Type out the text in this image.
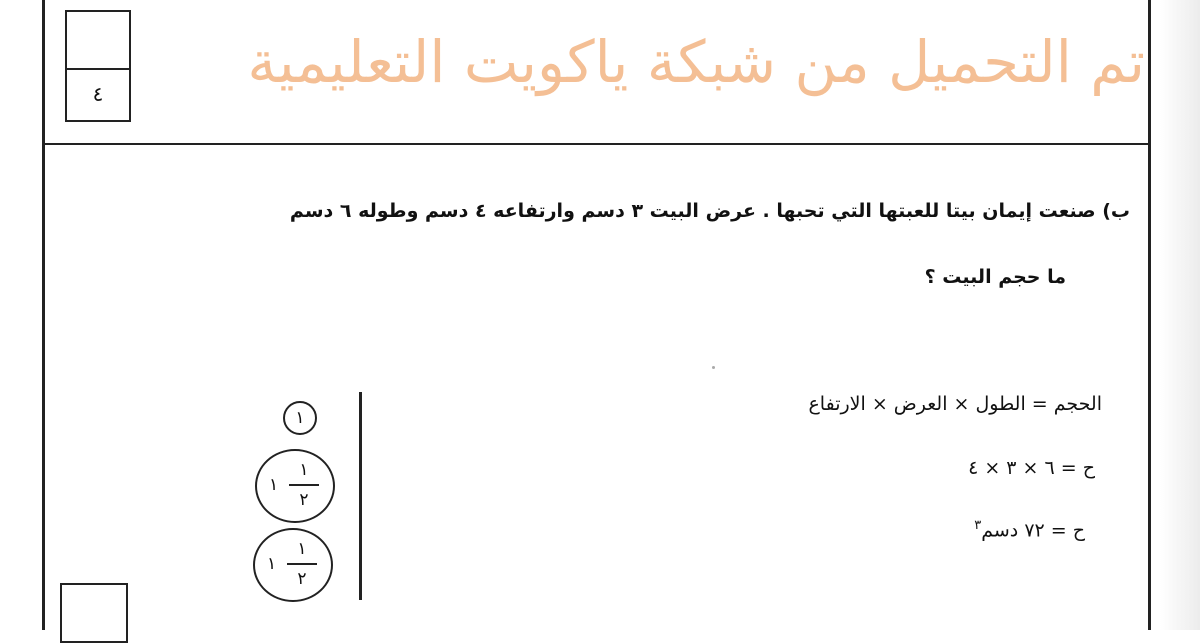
٤	تم التحميل من شبكة ياكويت التعليمية
ب) صنعت إيمان بيتا للعبتها التي تحبها . عرض البيت ٣ دسم وارتفاعه ٤ دسم وطوله ٦ دسم
ما حجم البيت ؟
الحجم = الطول × العرض × الارتفاع
ح = ٦ × ٣ × ٤
ح = ٧٢ دسم$^٣$
١
١
١
٢
١
١
٢
